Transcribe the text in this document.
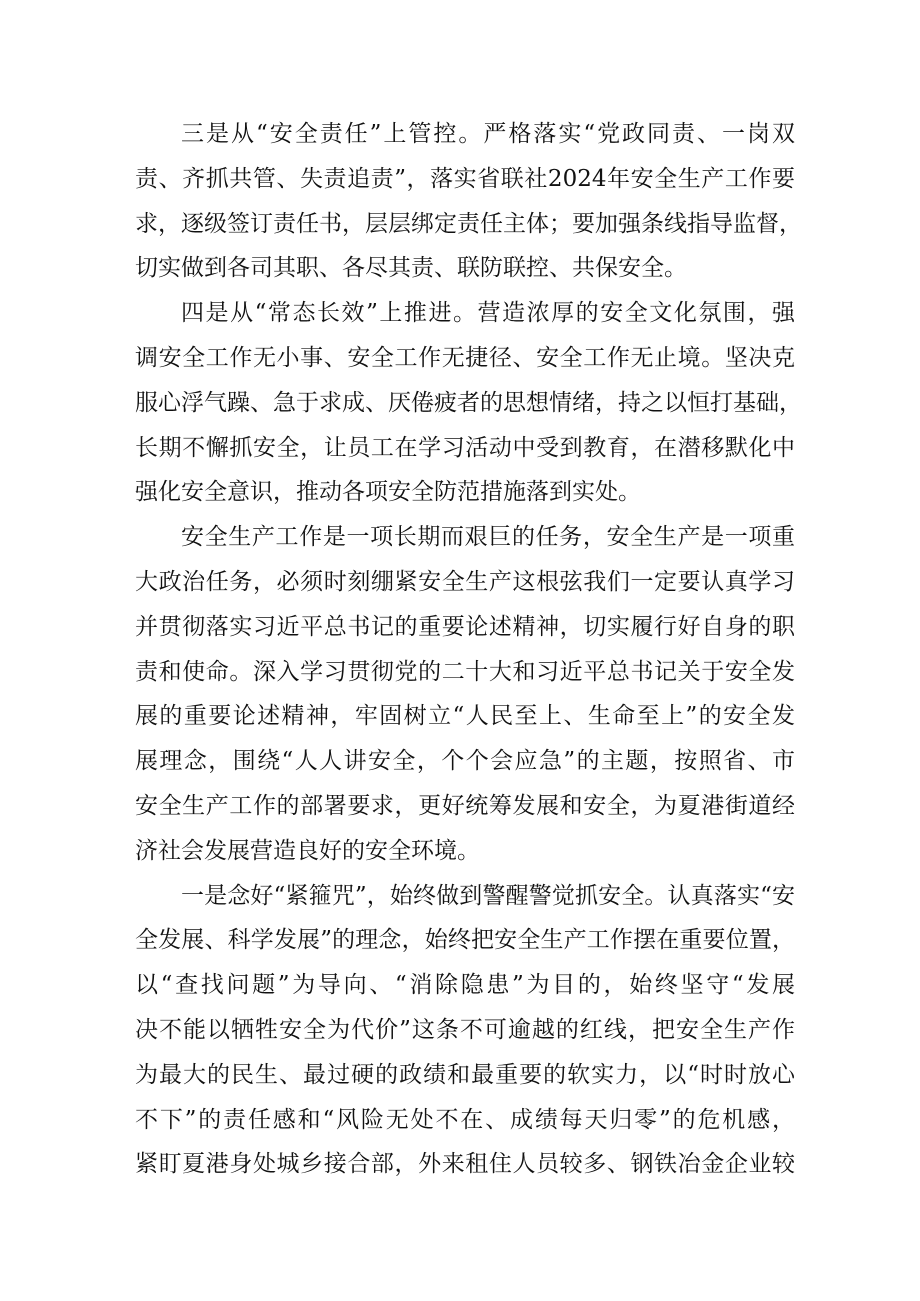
三是从“安全责任”上管控。严格落实“党政同责、一岗双
责、齐抓共管、失责追责”，落实省联社2024年安全生产工作要
求，逐级签订责任书，层层绑定责任主体；要加强条线指导监督，
切实做到各司其职、各尽其责、联防联控、共保安全。
四是从“常态长效”上推进。营造浓厚的安全文化氛围，强
调安全工作无小事、安全工作无捷径、安全工作无止境。坚决克
服心浮气躁、急于求成、厌倦疲者的思想情绪，持之以恒打基础，
长期不懈抓安全，让员工在学习活动中受到教育，在潜移默化中
强化安全意识，推动各项安全防范措施落到实处。
安全生产工作是一项长期而艰巨的任务，安全生产是一项重
大政治任务，必须时刻绷紧安全生产这根弦我们一定要认真学习
并贯彻落实习近平总书记的重要论述精神，切实履行好自身的职
责和使命。深入学习贯彻党的二十大和习近平总书记关于安全发
展的重要论述精神，牢固树立“人民至上、生命至上”的安全发
展理念，围绕“人人讲安全，个个会应急”的主题，按照省、市
安全生产工作的部署要求，更好统筹发展和安全，为夏港街道经
济社会发展营造良好的安全环境。
一是念好“紧箍咒”，始终做到警醒警觉抓安全。认真落实“安
全发展、科学发展”的理念，始终把安全生产工作摆在重要位置，
以“查找问题”为导向、“消除隐患”为目的，始终坚守“发展
决不能以牺牲安全为代价”这条不可逾越的红线，把安全生产作
为最大的民生、最过硬的政绩和最重要的软实力，以“时时放心
不下”的责任感和“风险无处不在、成绩每天归零”的危机感，
紧盯夏港身处城乡接合部，外来租住人员较多、钢铁冶金企业较
